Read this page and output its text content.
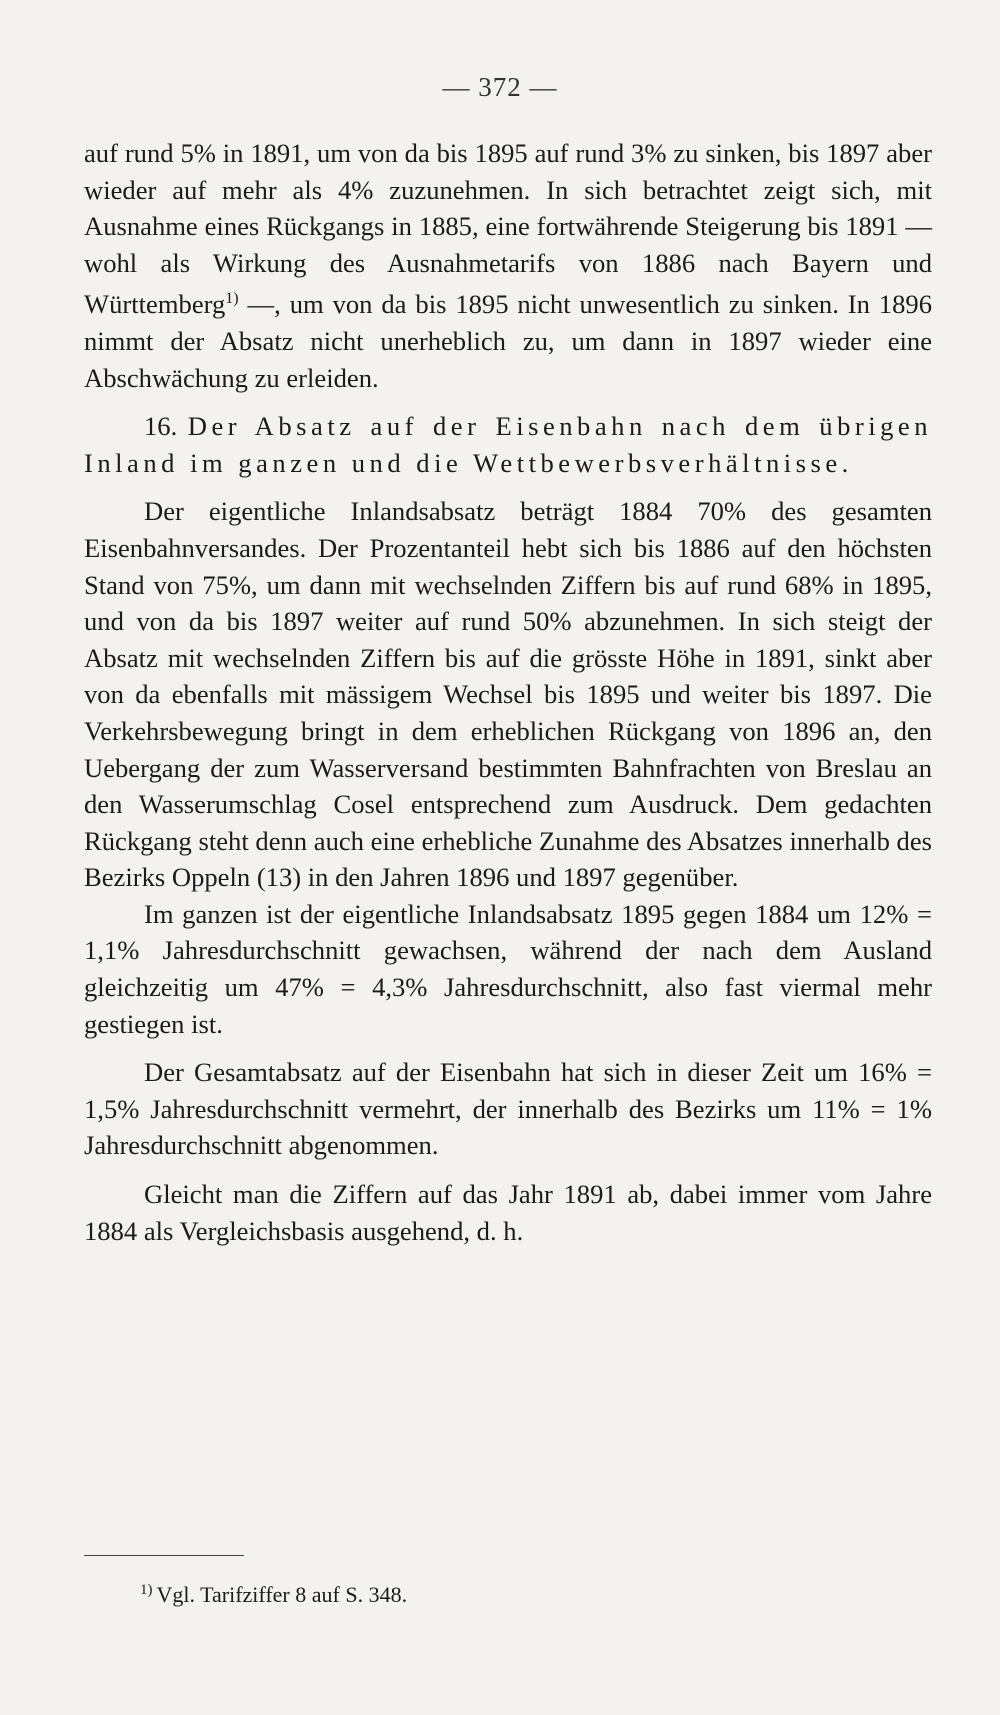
— 372 —

auf rund 5% in 1891, um von da bis 1895 auf rund 3% zu sinken, bis 1897 aber wieder auf mehr als 4% zuzunehmen. In sich betrachtet zeigt sich, mit Ausnahme eines Rückgangs in 1885, eine fortwährende Steigerung bis 1891 — wohl als Wirkung des Ausnahmetarifs von 1886 nach Bayern und Württemberg$^{1)}$ —, um von da bis 1895 nicht unwesentlich zu sinken. In 1896 nimmt der Absatz nicht unerheblich zu, um dann in 1897 wieder eine Abschwächung zu erleiden.

16. Der Absatz auf der Eisenbahn nach dem übrigen Inland im ganzen und die Wettbewerbsverhältnisse.

Der eigentliche Inlandsabsatz beträgt 1884 70% des gesamten Eisenbahnversandes. Der Prozentanteil hebt sich bis 1886 auf den höchsten Stand von 75%, um dann mit wechselnden Ziffern bis auf rund 68% in 1895, und von da bis 1897 weiter auf rund 50% abzunehmen. In sich steigt der Absatz mit wechselnden Ziffern bis auf die grösste Höhe in 1891, sinkt aber von da ebenfalls mit mässigem Wechsel bis 1895 und weiter bis 1897. Die Verkehrsbewegung bringt in dem erheblichen Rückgang von 1896 an, den Uebergang der zum Wasserversand bestimmten Bahnfrachten von Breslau an den Wasserumschlag Cosel entsprechend zum Ausdruck. Dem gedachten Rückgang steht denn auch eine erhebliche Zunahme des Absatzes innerhalb des Bezirks Oppeln (13) in den Jahren 1896 und 1897 gegenüber.

Im ganzen ist der eigentliche Inlandsabsatz 1895 gegen 1884 um 12% = 1,1% Jahresdurchschnitt gewachsen, während der nach dem Ausland gleichzeitig um 47% = 4,3% Jahresdurchschnitt, also fast viermal mehr gestiegen ist.

Der Gesamtabsatz auf der Eisenbahn hat sich in dieser Zeit um 16% = 1,5% Jahresdurchschnitt vermehrt, der innerhalb des Bezirks um 11% = 1% Jahresdurchschnitt abgenommen.

Gleicht man die Ziffern auf das Jahr 1891 ab, dabei immer vom Jahre 1884 als Vergleichsbasis ausgehend, d. h.

$^{1)}$ Vgl. Tarifziffer 8 auf S. 348.
